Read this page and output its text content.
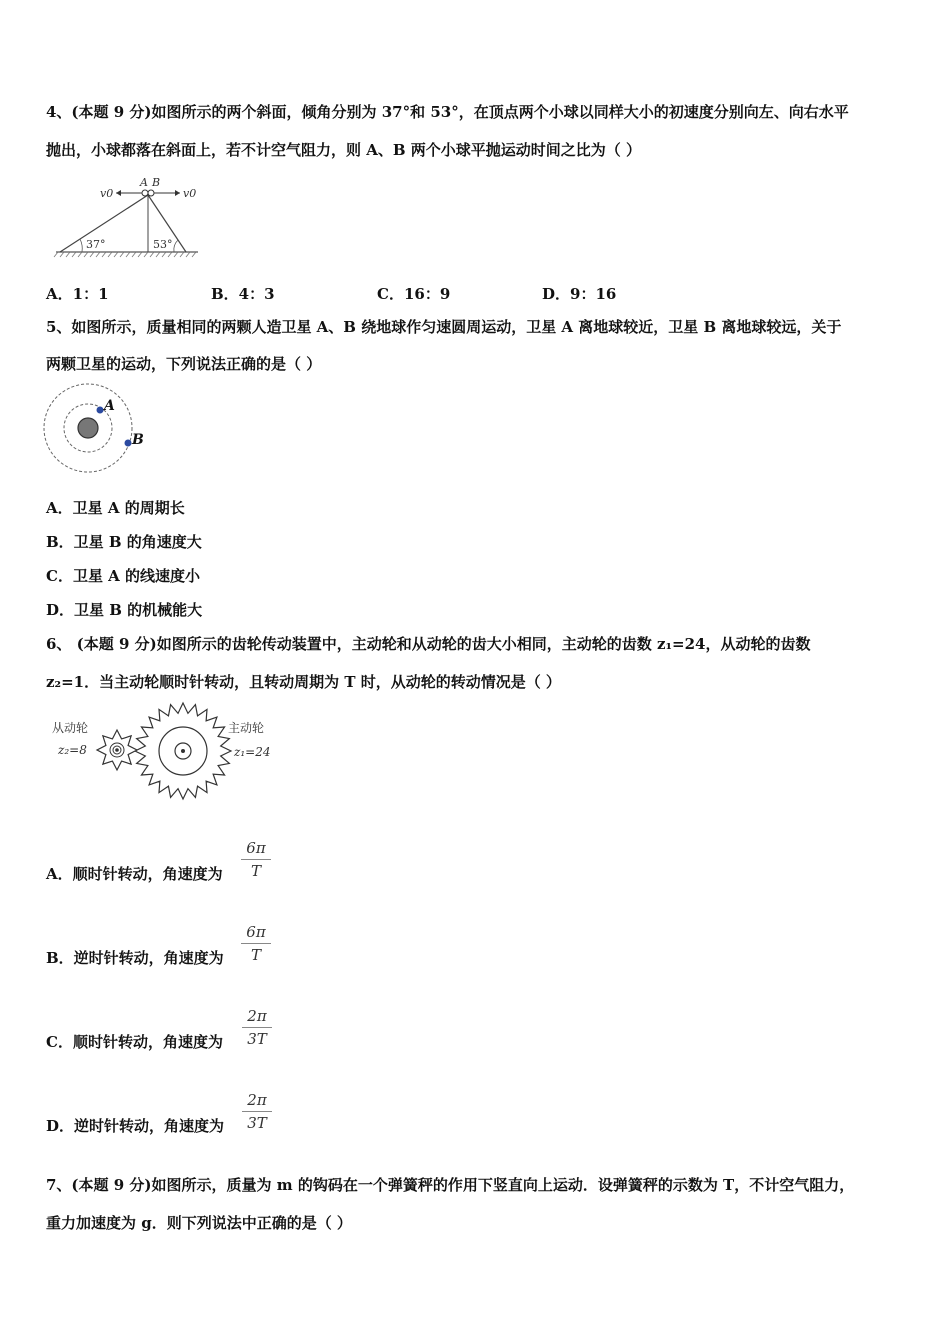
4、(本题 9 分)如图所示的两个斜面，倾角分别为 37°和 53°，在顶点两个小球以同样大小的初速度分别向左、向右水平
抛出，小球都落在斜面上，若不计空气阻力，则 A、B 两个小球平抛运动时间之比为（ ）
A B
v0	v0
37°	53°
A．1：1	B．4：3	C．16：9	D．9：16
5、如图所示，质量相同的两颗人造卫星 A、B 绕地球作匀速圆周运动，卫星 A 离地球较近，卫星 B 离地球较远，关于
两颗卫星的运动，下列说法正确的是（ ）
A
B
A．卫星 A 的周期长
B．卫星 B 的角速度大
C．卫星 A 的线速度小
D．卫星 B 的机械能大
6、 (本题 9 分)如图所示的齿轮传动装置中，主动轮和从动轮的齿大小相同，主动轮的齿数 z₁=24，从动轮的齿数
z₂=1．当主动轮顺时针转动，且转动周期为 T 时，从动轮的转动情况是（ ）
从动轮
z₂=8
主动轮
z₁=24
A．顺时针转动，角速度为
6π
T
B．逆时针转动，角速度为
6π
T
C．顺时针转动，角速度为
2π
3T
D．逆时针转动，角速度为
2π
3T
7、(本题 9 分)如图所示，质量为 m 的钩码在一个弹簧秤的作用下竖直向上运动．设弹簧秤的示数为 T，不计空气阻力，
重力加速度为 g．则下列说法中正确的是（ ）
